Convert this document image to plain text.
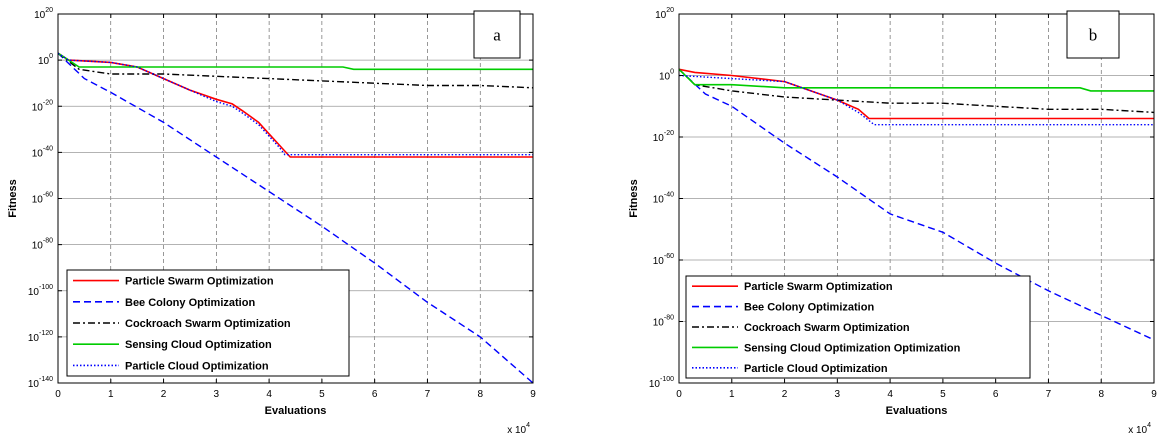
0	1	2	3	4	5	6	7	8	9
$10^{20}$
$10^0$
$10^{-20}$
$10^{-40}$
$10^{-60}$
$10^{-80}$
$10^{-100}$
$10^{-120}$
$10^{-140}$
Evaluations
Fitness
x $10^4$
a
Particle Swarm Optimization
Bee Colony Optimization
Cockroach Swarm Optimization
Sensing Cloud Optimization
Particle Cloud Optimization
0	1	2	3	4	5	6	7	8	9
$10^{20}$
$10^0$
$10^{-20}$
$10^{-40}$
$10^{-60}$
$10^{-80}$
$10^{-100}$
Evaluations
Fitness
x $10^4$
b
Particle Swarm Optimization
Bee Colony Optimization
Cockroach Swarm Optimization
Sensing Cloud Optimization Optimization
Particle Cloud Optimization
